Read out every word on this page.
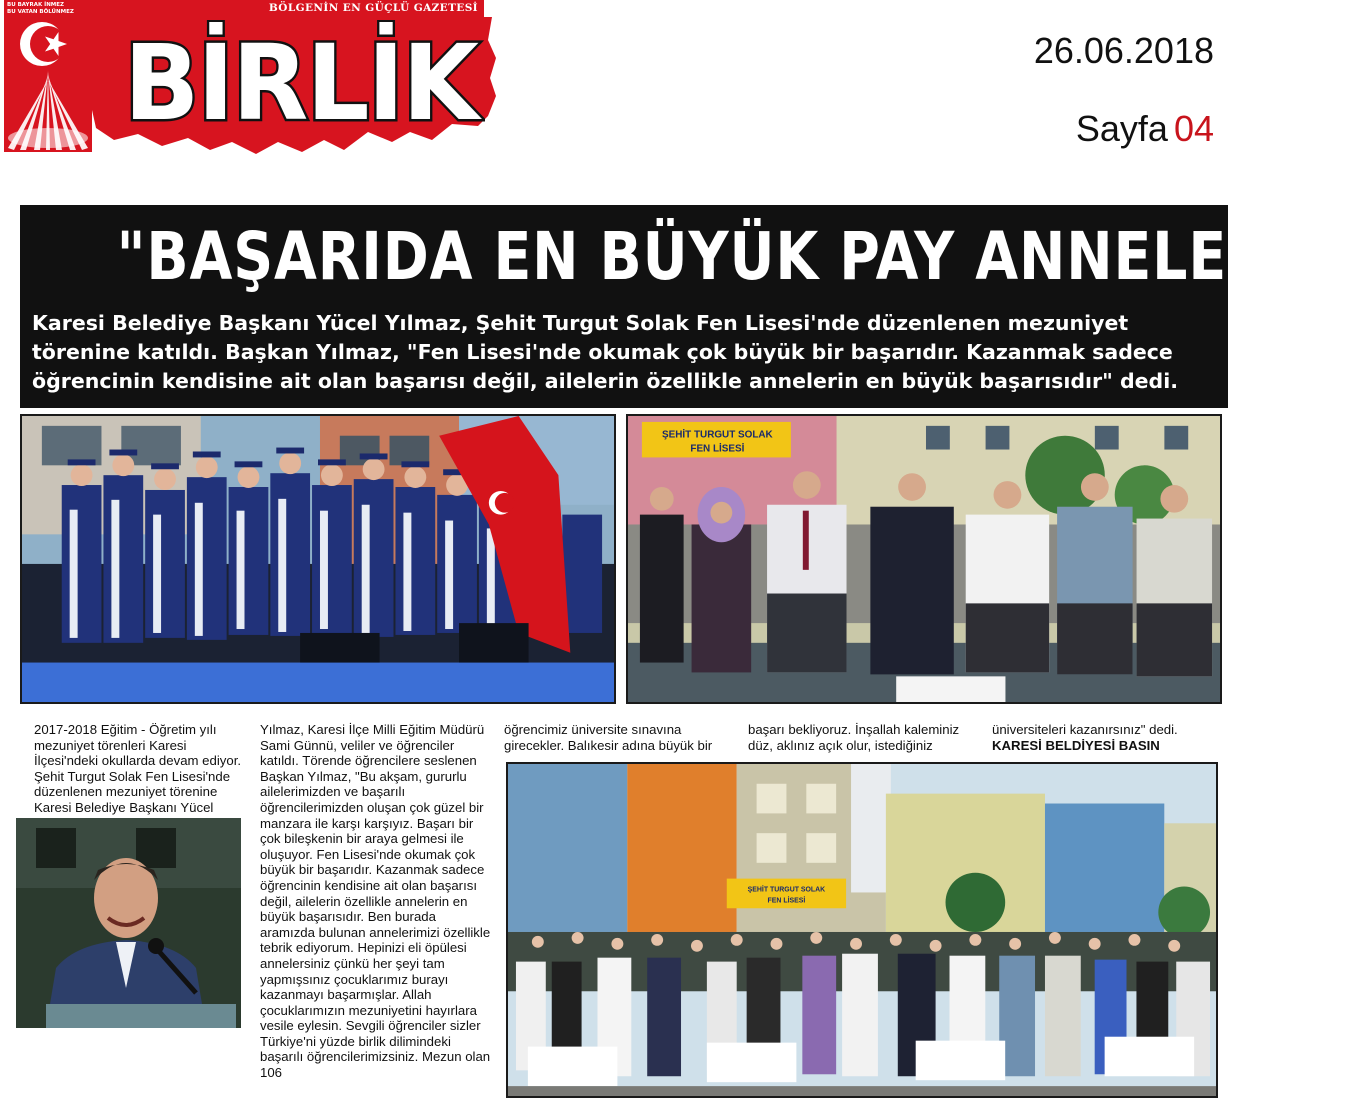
BU BAYRAK İNMEZ
BU VATAN BÖLÜNMEZ	BÖLGENİN EN GÜÇLÜ GAZETESİ
BİRLİK	26.06.2018
Sayfa 04
"BAŞARIDA EN BÜYÜK PAY ANNELERİN"
Karesi Belediye Başkanı Yücel Yılmaz, Şehit Turgut Solak Fen Lisesi'nde düzenlenen mezuniyet törenine katıldı. Başkan Yılmaz, "Fen Lisesi'nde okumak çok büyük bir başarıdır. Kazanmak sadece öğrencinin kendisine ait olan başarısı değil, ailelerin özellikle annelerin en büyük başarısıdır" dedi.
ŞEHİT TURGUT SOLAK
FEN LİSESİ

2017-2018 Eğitim - Öğretim yılı mezuniyet törenleri Karesi İlçesi'ndeki okullarda devam ediyor. Şehit Turgut Solak Fen Lisesi'nde düzenlenen mezuniyet törenine Karesi Belediye Başkanı Yücel

Yılmaz, Karesi İlçe Milli Eğitim Müdürü Sami Günnü, veliler ve öğrenciler katıldı. Törende öğrencilere seslenen Başkan Yılmaz, "Bu akşam, gururlu ailelerimizden ve başarılı öğrencilerimizden oluşan çok güzel bir manzara ile karşı karşıyız. Başarı bir çok bileşkenin bir araya gelmesi ile oluşuyor. Fen Lisesi'nde okumak çok büyük bir başarıdır. Kazanmak sadece öğrencinin kendisine ait olan başarısı değil, ailelerin özellikle annelerin en büyük başarısıdır. Ben burada aramızda bulunan annelerimizi özellikle tebrik ediyorum. Hepinizi eli öpülesi annelersiniz çünkü her şeyi tam yapmışsınız çocuklarımız burayı kazanmayı başarmışlar. Allah çocuklarımızın mezuniyetini hayırlara vesile eylesin. Sevgili öğrenciler sizler Türkiye'ni yüzde birlik dilimindeki başarılı öğrencilerimizsiniz. Mezun olan 106

öğrencimiz üniversite sınavına girecekler. Balıkesir adına büyük bir

başarı bekliyoruz. İnşallah kaleminiz düz, aklınız açık olur, istediğiniz

üniversiteleri kazanırsınız" dedi.

KARESİ BELDİYESİ BASIN

ŞEHİT TURGUT SOLAK
FEN LİSESİ
